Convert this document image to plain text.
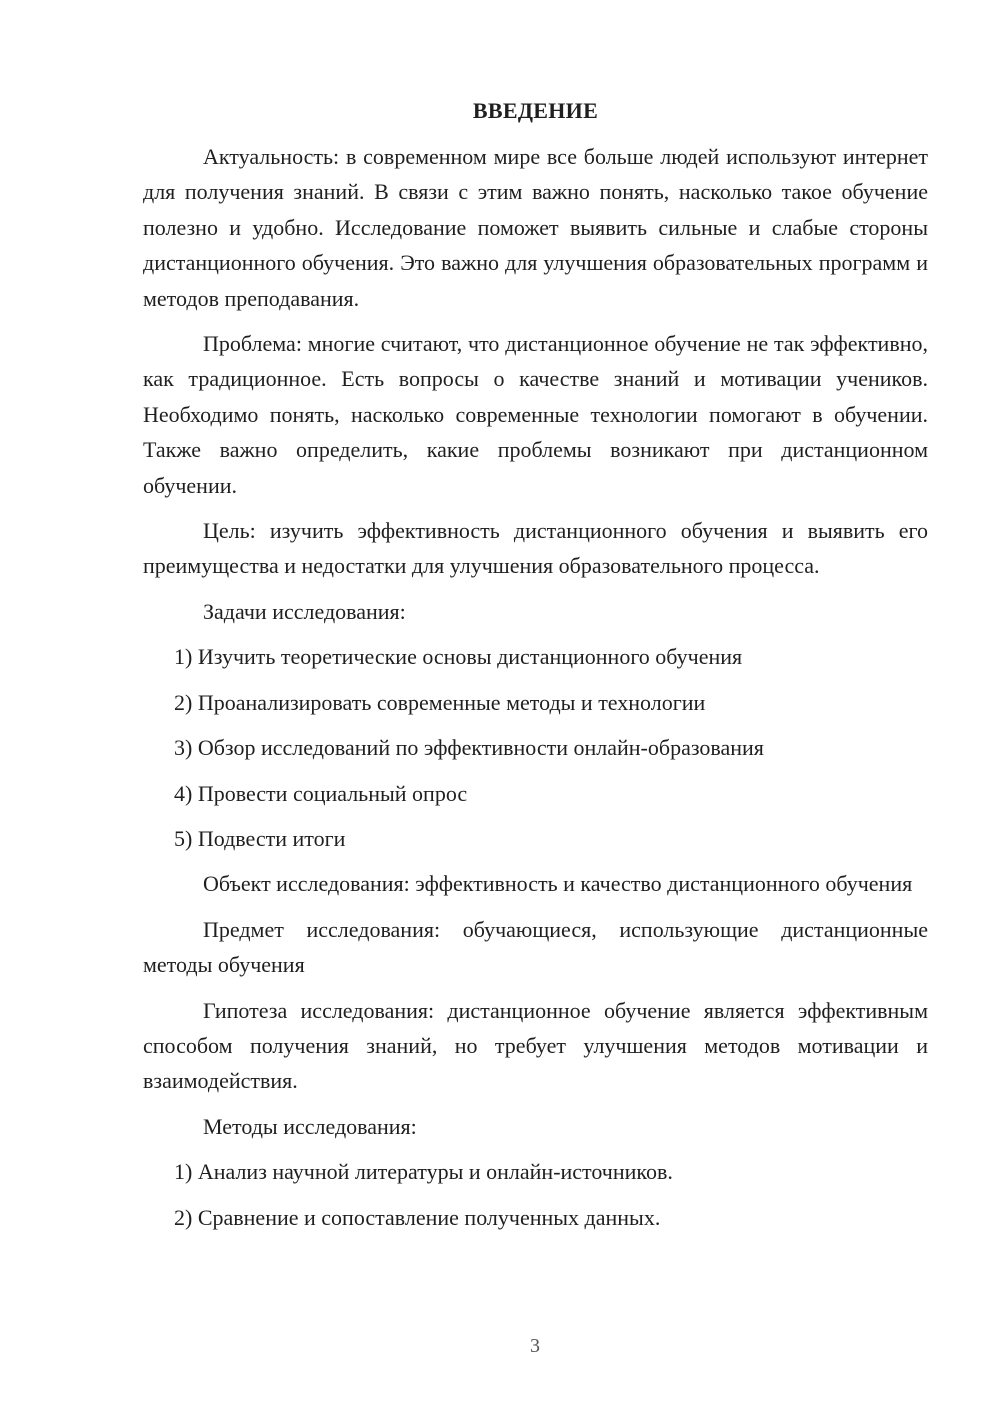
ВВЕДЕНИЕ

Актуальность: в современном мире все больше людей используют интернет для получения знаний. В связи с этим важно понять, насколько такое обучение полезно и удобно. Исследование поможет выявить сильные и слабые стороны дистанционного обучения. Это важно для улучшения образовательных программ и методов преподавания.

Проблема: многие считают, что дистанционное обучение не так эффективно, как традиционное. Есть вопросы о качестве знаний и мотивации учеников. Необходимо понять, насколько современные технологии помогают в обучении. Также важно определить, какие проблемы возникают при дистанционном обучении.

Цель: изучить эффективность дистанционного обучения и выявить его преимущества и недостатки для улучшения образовательного процесса.

Задачи исследования:
1) Изучить теоретические основы дистанционного обучения
2) Проанализировать современные методы и технологии
3) Обзор исследований по эффективности онлайн-образования
4) Провести социальный опрос
5) Подвести итоги

Объект исследования: эффективность и качество дистанционного обучения

Предмет исследования: обучающиеся, использующие дистанционные методы обучения

Гипотеза исследования: дистанционное обучение является эффективным способом получения знаний, но требует улучшения методов мотивации и взаимодействия.

Методы исследования:
1) Анализ научной литературы и онлайн-источников.
2) Сравнение и сопоставление полученных данных.
3
